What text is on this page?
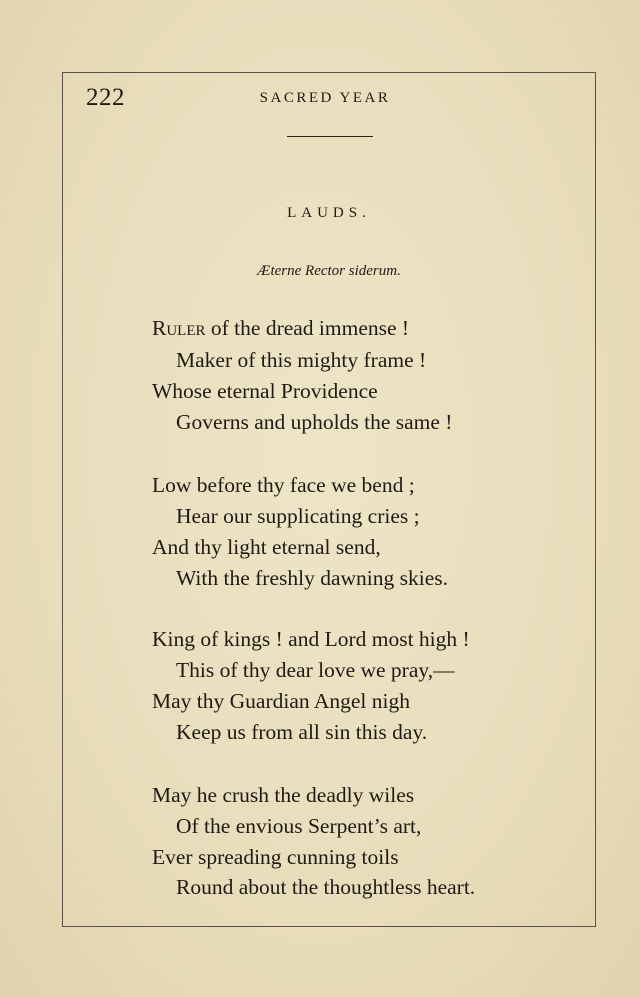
222	SACRED YEAR
LAUDS.
Æterne Rector siderum.
Ruler of the dread immense !
Maker of this mighty frame !
Whose eternal Providence
Governs and upholds the same !
Low before thy face we bend ;
Hear our supplicating cries ;
And thy light eternal send,
With the freshly dawning skies.
King of kings ! and Lord most high !
This of thy dear love we pray,—
May thy Guardian Angel nigh
Keep us from all sin this day.
May he crush the deadly wiles
Of the envious Serpent’s art,
Ever spreading cunning toils
Round about the thoughtless heart.
